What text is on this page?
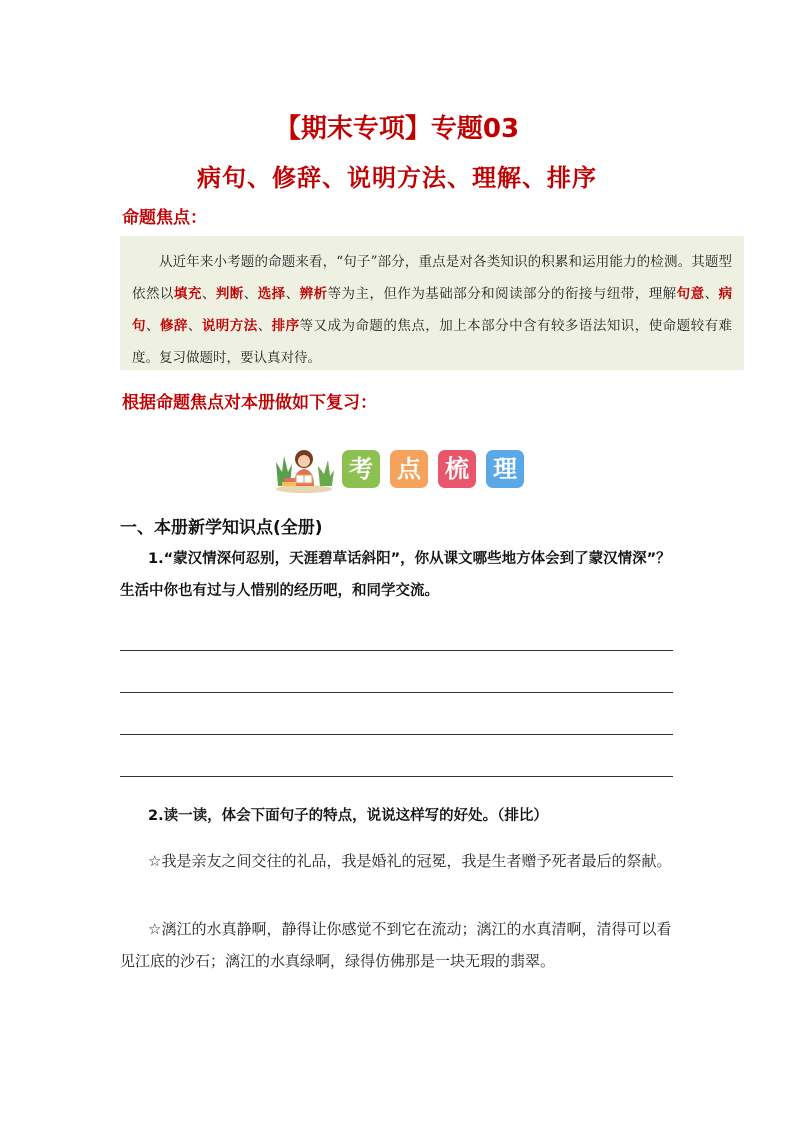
【期末专项】专题03
病句、修辞、说明方法、理解、排序
命题焦点：

从近年来小考题的命题来看，“句子”部分，重点是对各类知识的积累和运用能力的检测。其题型依然以填充、判断、选择、辨析等为主，但作为基础部分和阅读部分的衔接与纽带，理解句意、病句、修辞、说明方法、排序等又成为命题的焦点，加上本部分中含有较多语法知识，使命题较有难度。复习做题时，要认真对待。

根据命题焦点对本册做如下复习：
考 点 梳 理
一、本册新学知识点(全册)
1.“蒙汉情深何忍别，天涯碧草话斜阳”，你从课文哪些地方体会到了蒙汉情深”？生活中你也有过与人惜别的经历吧，和同学交流。
2.读一读，体会下面句子的特点，说说这样写的好处。（排比）
☆我是亲友之间交往的礼品，我是婚礼的冠冕，我是生者赠予死者最后的祭献。
☆漓江的水真静啊，静得让你感觉不到它在流动；漓江的水真清啊，清得可以看见江底的沙石；漓江的水真绿啊，绿得仿佛那是一块无瑕的翡翠。
